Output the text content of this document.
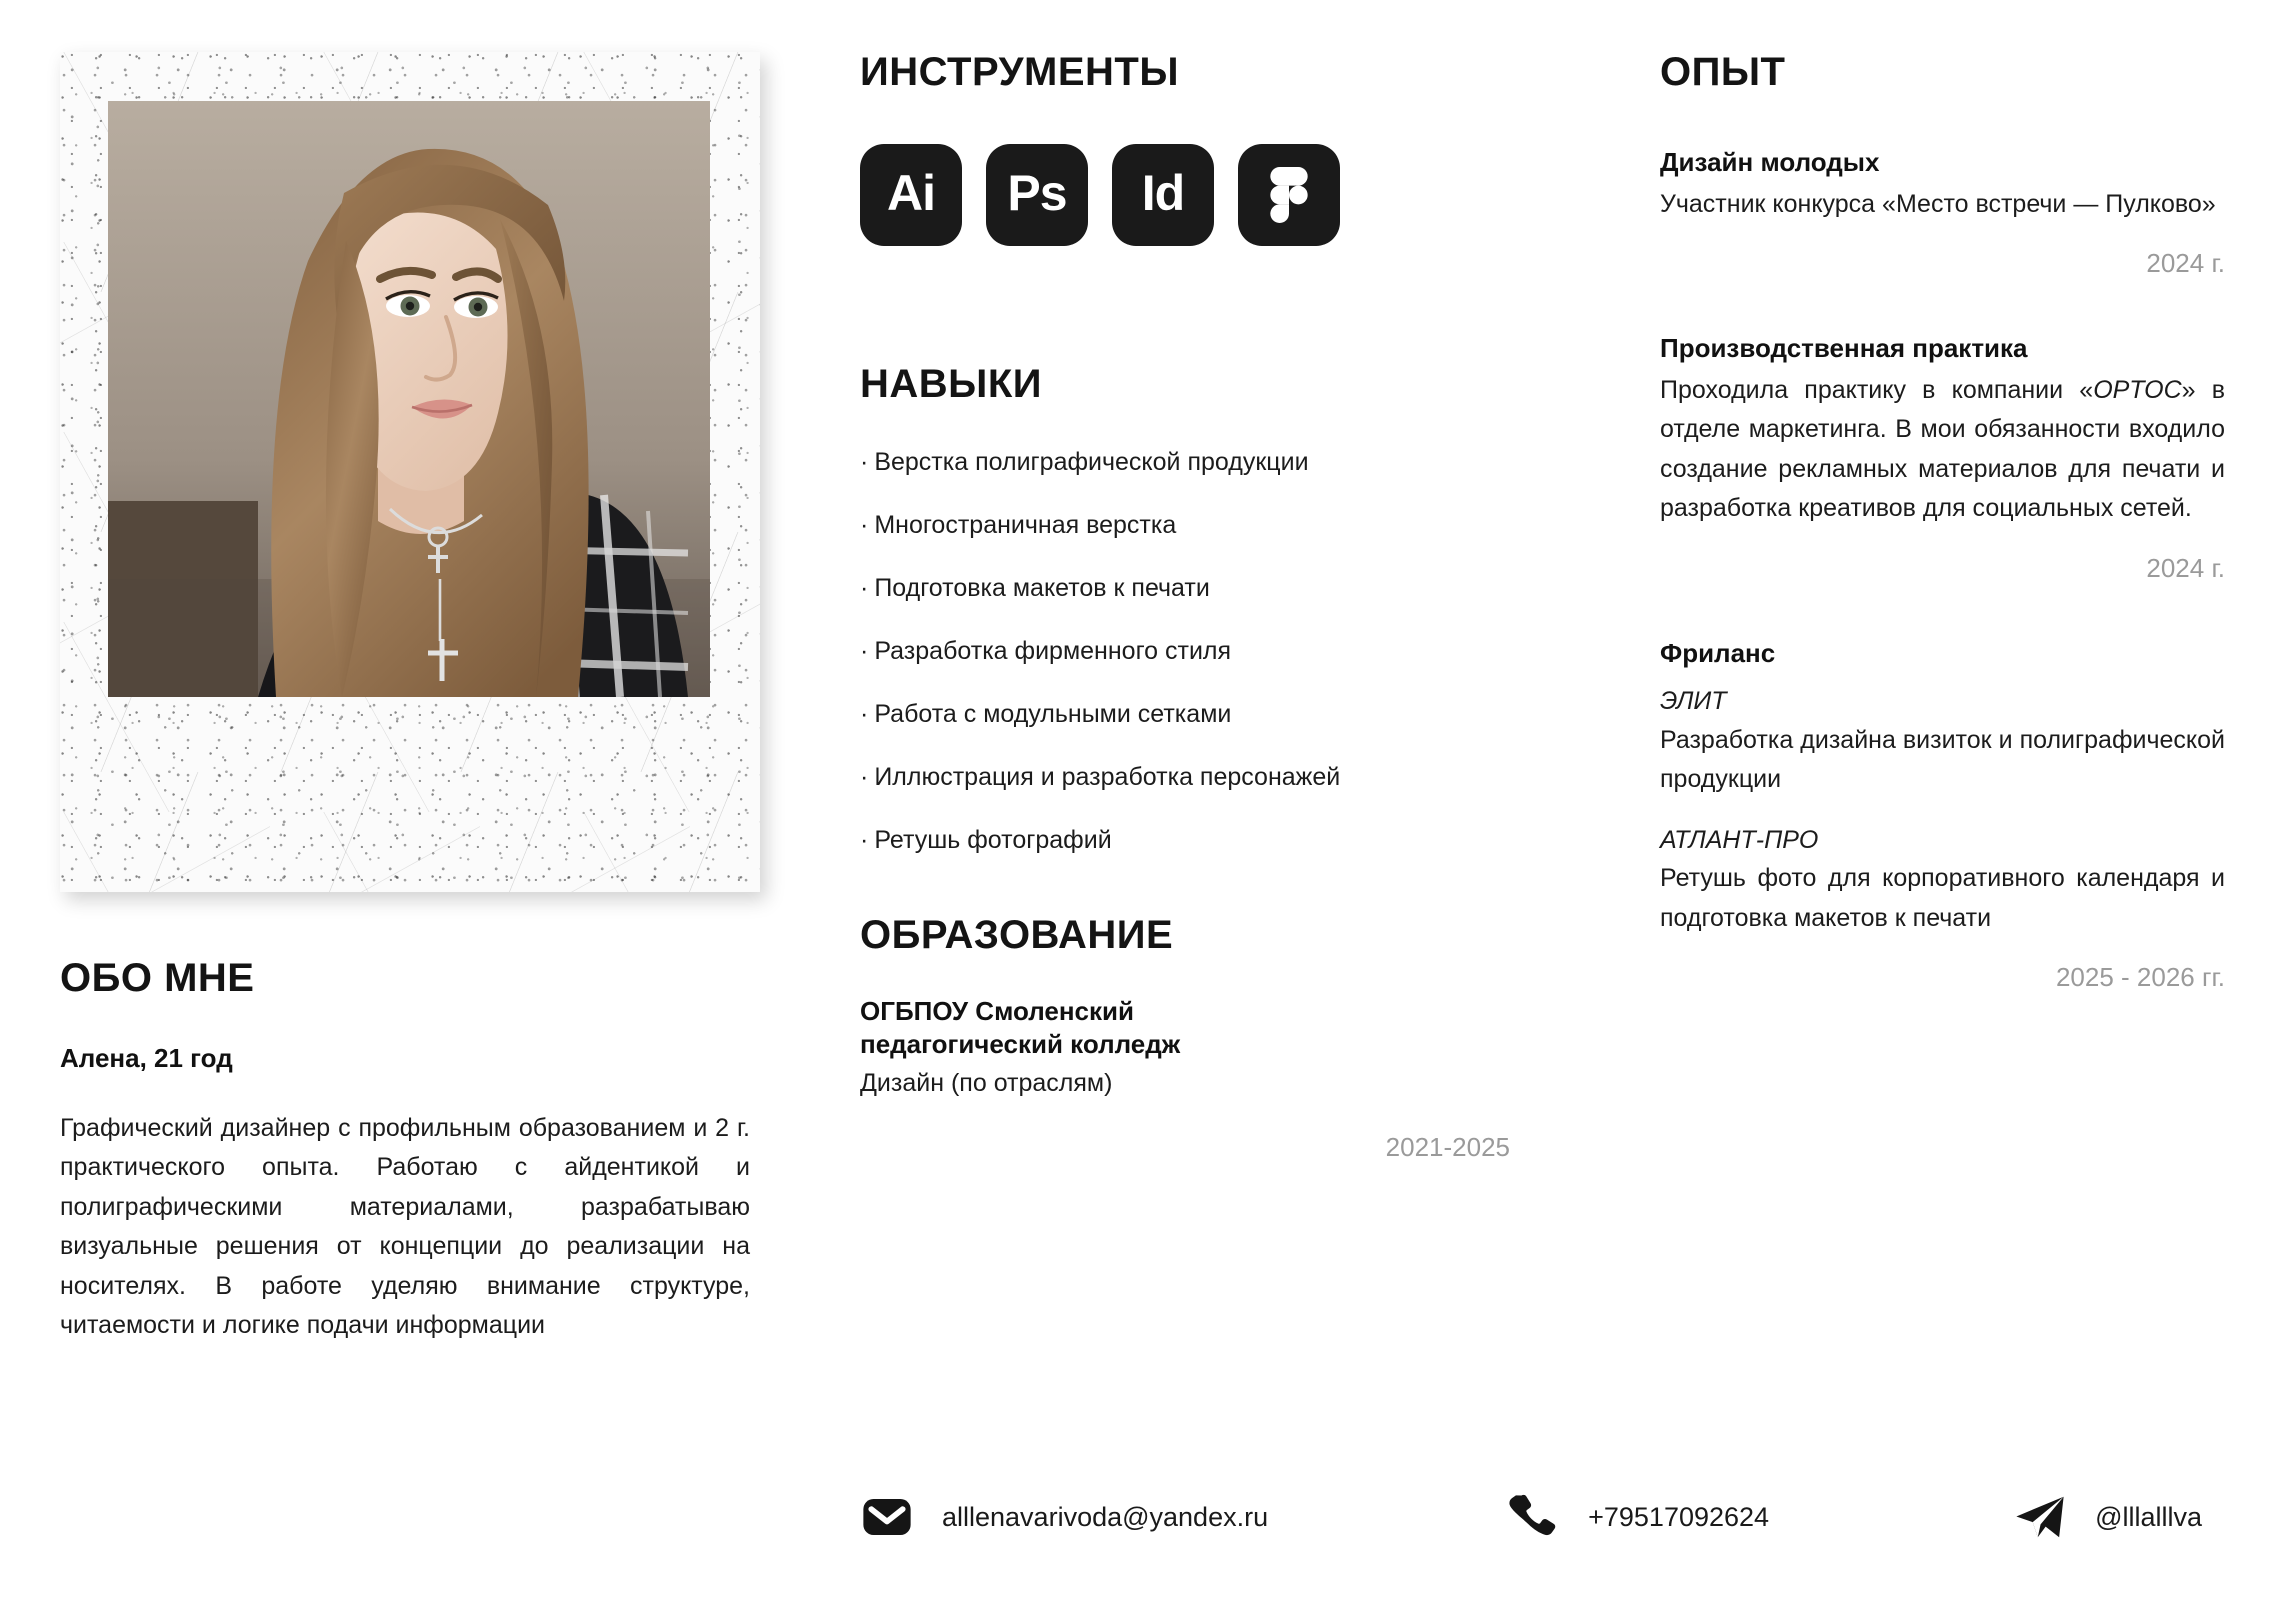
ОБО МНЕ
Алена, 21 год

Графический дизайнер с профильным образованием и 2 г. практического опыта. Работаю с айдентикой и полиграфическими материалами, разрабатываю визуальные решения от концепции до реализации на носителях. В работе уделяю внимание структуре, читаемости и логике подачи информации

ИНСТРУМЕНТЫ
Ai Ps Id
НАВЫКИ
· Верстка полиграфической продукции
· Многостраничная верстка
· Подготовка макетов к печати
· Разработка фирменного стиля
· Работа с модульными сетками
· Иллюстрация и разработка персонажей
· Ретушь фотографий
ОБРАЗОВАНИЕ
ОГБПОУ Смоленский
педагогический колледж
Дизайн (по отраслям)
2021-2025
ОПЫТ
Дизайн молодых

Участник конкурса «Место встречи — Пулково»

2024 г.
Производственная практика

Проходила практику в компании «OPTOC» в отделе маркетинга. В мои обязанности входило создание рекламных материалов для печати и разработка креативов для социальных сетей.

2024 г.
Фриланс

ЭЛИТ

Разработка дизайна визиток и полиграфической продукции

АТЛАНТ-ПРО

Ретушь фото для корпоративного календаря и подготовка макетов к печати

2025 - 2026 гг.
alllenavarivoda@yandex.ru	+79517092624	@lllalllva
